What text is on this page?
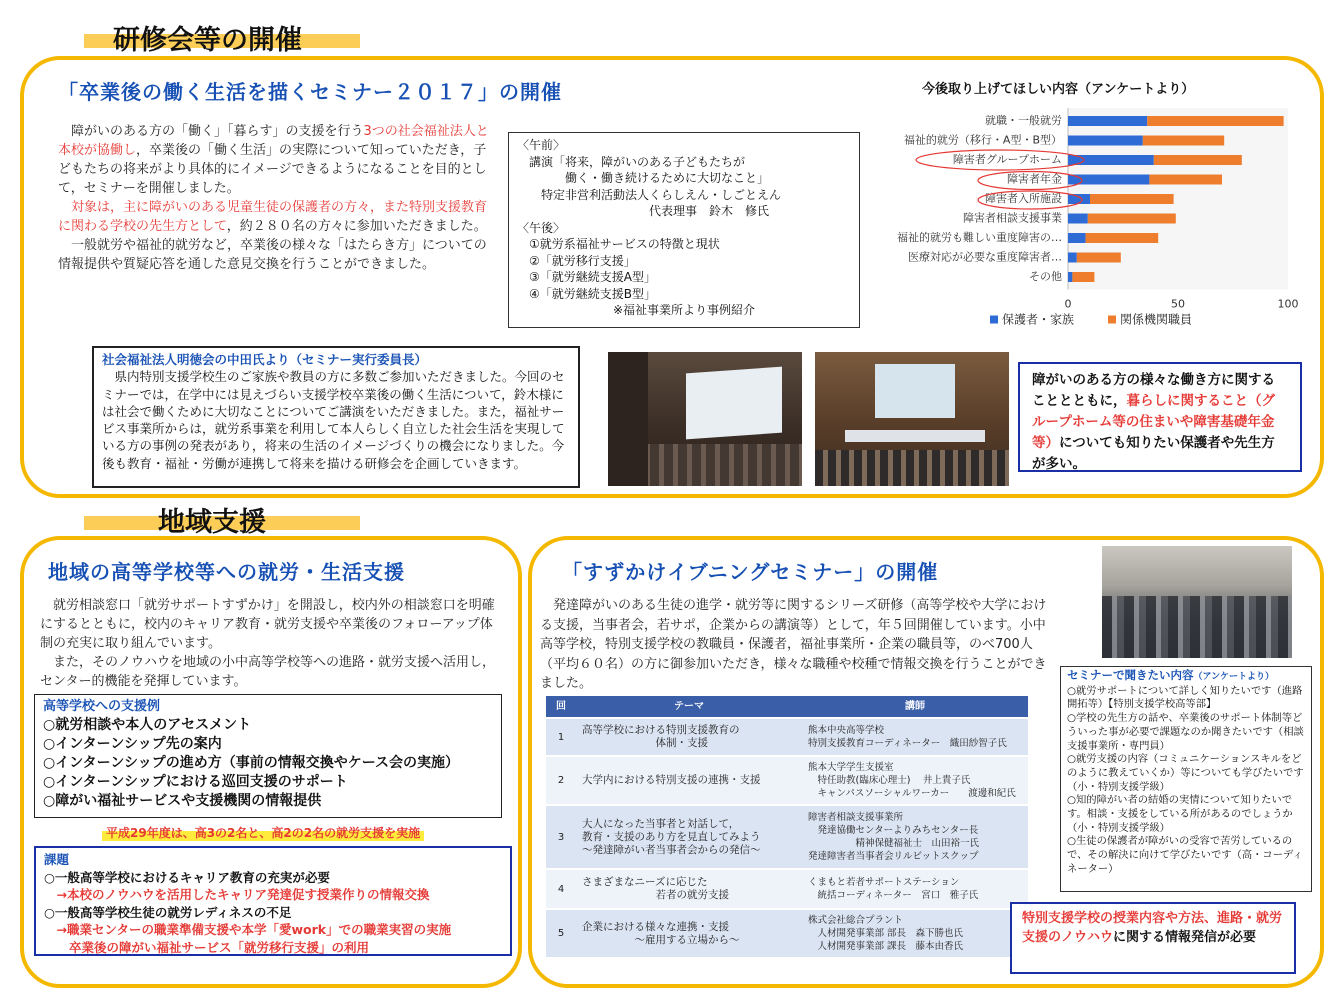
研修会等の開催
「卒業後の働く生活を描くセミナー２０１７」の開催
　障がいのある方の「働く」「暮らす」の支援を行う3つの社会福祉法人と本校が協働し，卒業後の「働く生活」の実際について知っていただき，子どもたちの将来がより具体的にイメージできるようになることを目的として，セミナーを開催しました。
　対象は，主に障がいのある児童生徒の保護者の方々，また特別支援教育に関わる学校の先生方として，約２８０名の方々に参加いただきました。
　一般就労や福祉的就労など，卒業後の様々な「はたらき方」についての情報提供や質疑応答を通した意見交換を行うことができました。
〈午前〉
　講演「将来，障がいのある子どもたちが
　　　　働く・働き続けるために大切なこと」
　　特定非営利活動法人くらしえん・しごとえん
　　　　　　　　　　　代表理事　鈴木　修氏
〈午後〉
　①就労系福祉サービスの特徴と現状
　②「就労移行支援」
　③「就労継続支援A型」
　④「就労継続支援B型」
　　　　　　　　※福祉事業所より事例紹介
今後取り上げてほしい内容（アンケートより）
就職・一般就労
福祉的就労（移行・A型・B型）
障害者グループホーム
障害者年金
障害者入所施設
障害者相談支援事業
福祉的就労も難しい重度障害の…
医療対応が必要な重度障害者…
その他
0	50	100
保護者・家族	関係機関職員
社会福祉法人明徳会の中田氏より（セミナー実行委員長）
　県内特別支援学校生のご家族や教員の方に多数ご参加いただきました。今回のセミナーでは，在学中には見えづらい支援学校卒業後の働く生活について，鈴木様には社会で働くために大切なことについてご講演をいただきました。また，福祉サービス事業所からは，就労系事業を利用して本人らしく自立した社会生活を実現している方の事例の発表があり，将来の生活のイメージづくりの機会になりました。今後も教育・福祉・労働が連携して将来を描ける研修会を企画していきます。
障がいのある方の様々な働き方に関することとともに，暮らしに関すること（グループホーム等の住まいや障害基礎年金等）についても知りたい保護者や先生方が多い。
地域支援
地域の高等学校等への就労・生活支援
　就労相談窓口「就労サポートすずかけ」を開設し，校内外の相談窓口を明確にするとともに，校内のキャリア教育・就労支援や卒業後のフォローアップ体制の充実に取り組んでいます。
　また，そのノウハウを地域の小中高等学校等への進路・就労支援へ活用し，センター的機能を発揮しています。
高等学校への支援例
○就労相談や本人のアセスメント
○インターンシップ先の案内
○インターンシップの進め方（事前の情報交換やケース会の実施）
○インターンシップにおける巡回支援のサポート
○障がい福祉サービスや支援機関の情報提供
平成29年度は、高3の2名と、高2の2名の就労支援を実施
課題
○一般高等学校におけるキャリア教育の充実が必要
　→本校のノウハウを活用したキャリア発達促す授業作りの情報交換
○一般高等学校生徒の就労レディネスの不足
　→職業センターの職業準備支援や本学「愛work」での職業実習の実施
　　卒業後の障がい福祉サービス「就労移行支援」の利用
「すずかけイブニングセミナー」の開催
　発達障がいのある生徒の進学・就労等に関するシリーズ研修（高等学校や大学における支援，当事者会，若サポ，企業からの講演等）として，年５回開催しています。小中高等学校，特別支援学校の教職員・保護者，福祉事業所・企業の職員等，のべ700人（平均６０名）の方に御参加いただき，様々な職種や校種で情報交換を行うことができました。
回	テーマ	講師
1	高等学校における特別支援教育の
　　　　　　　体制・支援	熊本中央高等学校
特別支援教育コーディネーター　織田紗智子氏
2	大学内における特別支援の連携・支援	熊本大学学生支援室
　特任助教(臨床心理士)　 井上貴子氏
　キャンパスソーシャルワーカー　　渡邊和紀氏
3	大人になった当事者と対話して，
教育・支援のあり方を見直してみよう
～発達障がい者当事者会からの発信～	障害者相談支援事業所
　発達協働センターよりみちセンター長
　　　　　精神保健福祉士　山田裕一氏
発達障害者当事者会リルビットスクップ
4	さまざまなニーズに応じた
　　　　　　　若者の就労支援	くまもと若者サポートステーション
　統括コーディネーター　宮口　雅子氏
5	企業における様々な連携・支援
　　　　　～雇用する立場から～	株式会社総合プラント
　人材開発事業部 部長　森下勝也氏
　人材開発事業部 課長　藤本由香氏
セミナーで聞きたい内容（アンケートより）
○就労サポートについて詳しく知りたいです（進路開拓等）【特別支援学校高等部】
○学校の先生方の話や、卒業後のサポート体制等どういった事が必要で課題なのか聞きたいです（相談支援事業所・専門員）
○就労支援の内容（コミュニケーションスキルをどのように教えていくか）等についても学びたいです（小・特別支援学級）
○知的障がい者の結婚の実情について知りたいです。相談・支援をしている所があるのでしょうか（小・特別支援学級）
○生徒の保護者が障がいの受容で苦労しているので、その解決に向けて学びたいです（高・コーディネーター）
特別支援学校の授業内容や方法、進路・就労支援のノウハウに関する情報発信が必要
